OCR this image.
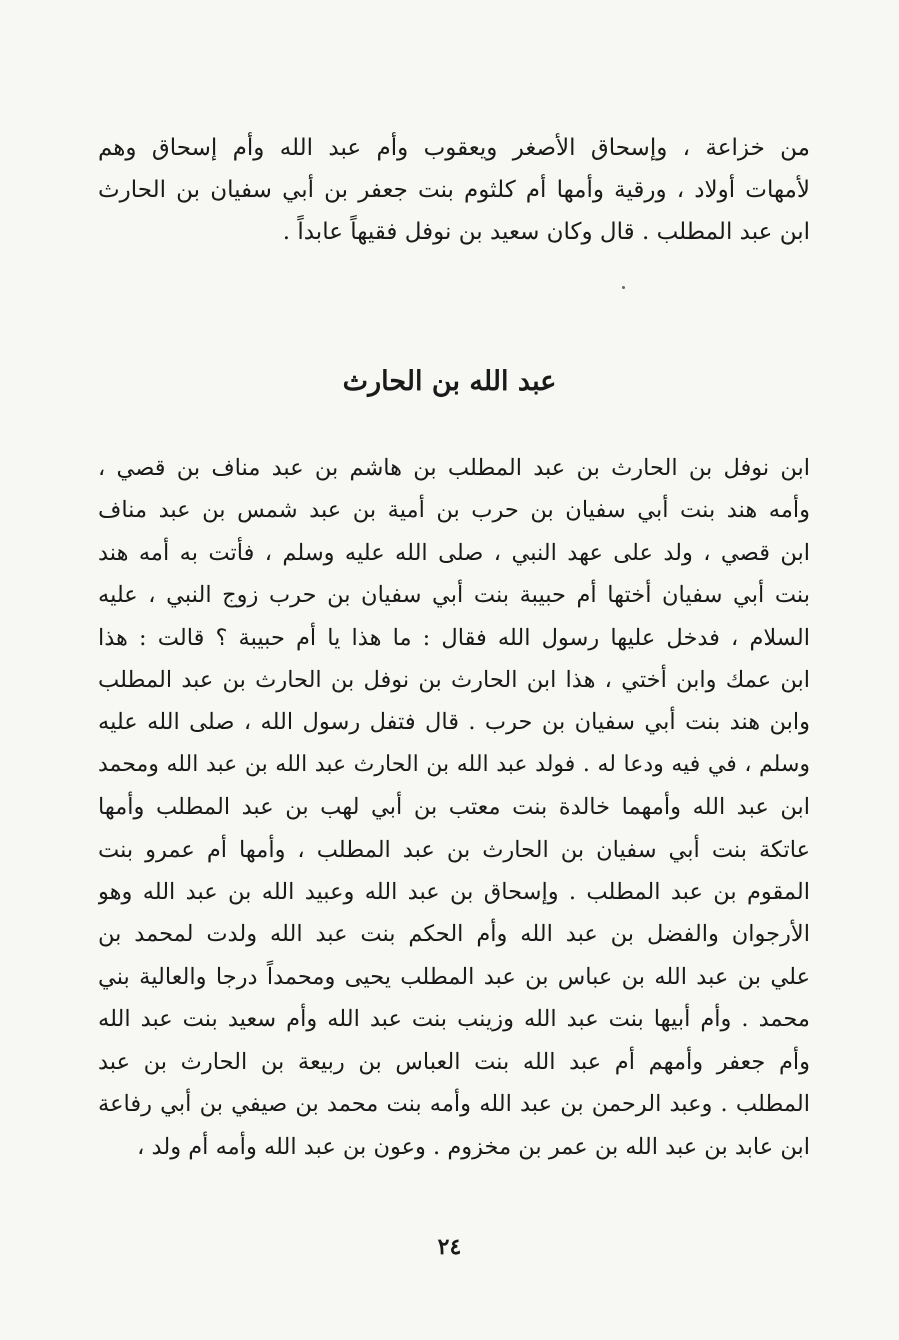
من خزاعة ، وإسحاق الأصغر ويعقوب وأم عبد الله وأم إسحاق وهم
لأمهات أولاد ، ورقية وأمها أم كلثوم بنت جعفر بن أبي سفيان بن الحارث
ابن عبد المطلب . قال وكان سعيد بن نوفل فقيهاً عابداً .
عبد الله بن الحارث
ابن نوفل بن الحارث بن عبد المطلب بن هاشم بن عبد مناف بن قصي ،
وأمه هند بنت أبي سفيان بن حرب بن أمية بن عبد شمس بن عبد مناف
ابن قصي ، ولد على عهد النبي ، صلى الله عليه وسلم ، فأتت به أمه هند
بنت أبي سفيان أختها أم حبيبة بنت أبي سفيان بن حرب زوج النبي ، عليه
السلام ، فدخل عليها رسول الله فقال : ما هذا يا أم حبيبة ؟ قالت : هذا
ابن عمك وابن أختي ، هذا ابن الحارث بن نوفل بن الحارث بن عبد المطلب
وابن هند بنت أبي سفيان بن حرب . قال فتفل رسول الله ، صلى الله عليه
وسلم ، في فيه ودعا له . فولد عبد الله بن الحارث عبد الله بن عبد الله ومحمد
ابن عبد الله وأمهما خالدة بنت معتب بن أبي لهب بن عبد المطلب وأمها
عاتكة بنت أبي سفيان بن الحارث بن عبد المطلب ، وأمها أم عمرو بنت
المقوم بن عبد المطلب . وإسحاق بن عبد الله وعبيد الله بن عبد الله وهو
الأرجوان والفضل بن عبد الله وأم الحكم بنت عبد الله ولدت لمحمد بن
علي بن عبد الله بن عباس بن عبد المطلب يحيى ومحمداً درجا والعالية بني
محمد . وأم أبيها بنت عبد الله وزينب بنت عبد الله وأم سعيد بنت عبد الله
وأم جعفر وأمهم أم عبد الله بنت العباس بن ربيعة بن الحارث بن عبد
المطلب . وعبد الرحمن بن عبد الله وأمه بنت محمد بن صيفي بن أبي رفاعة
ابن عابد بن عبد الله بن عمر بن مخزوم . وعون بن عبد الله وأمه أم ولد ،
٢٤
